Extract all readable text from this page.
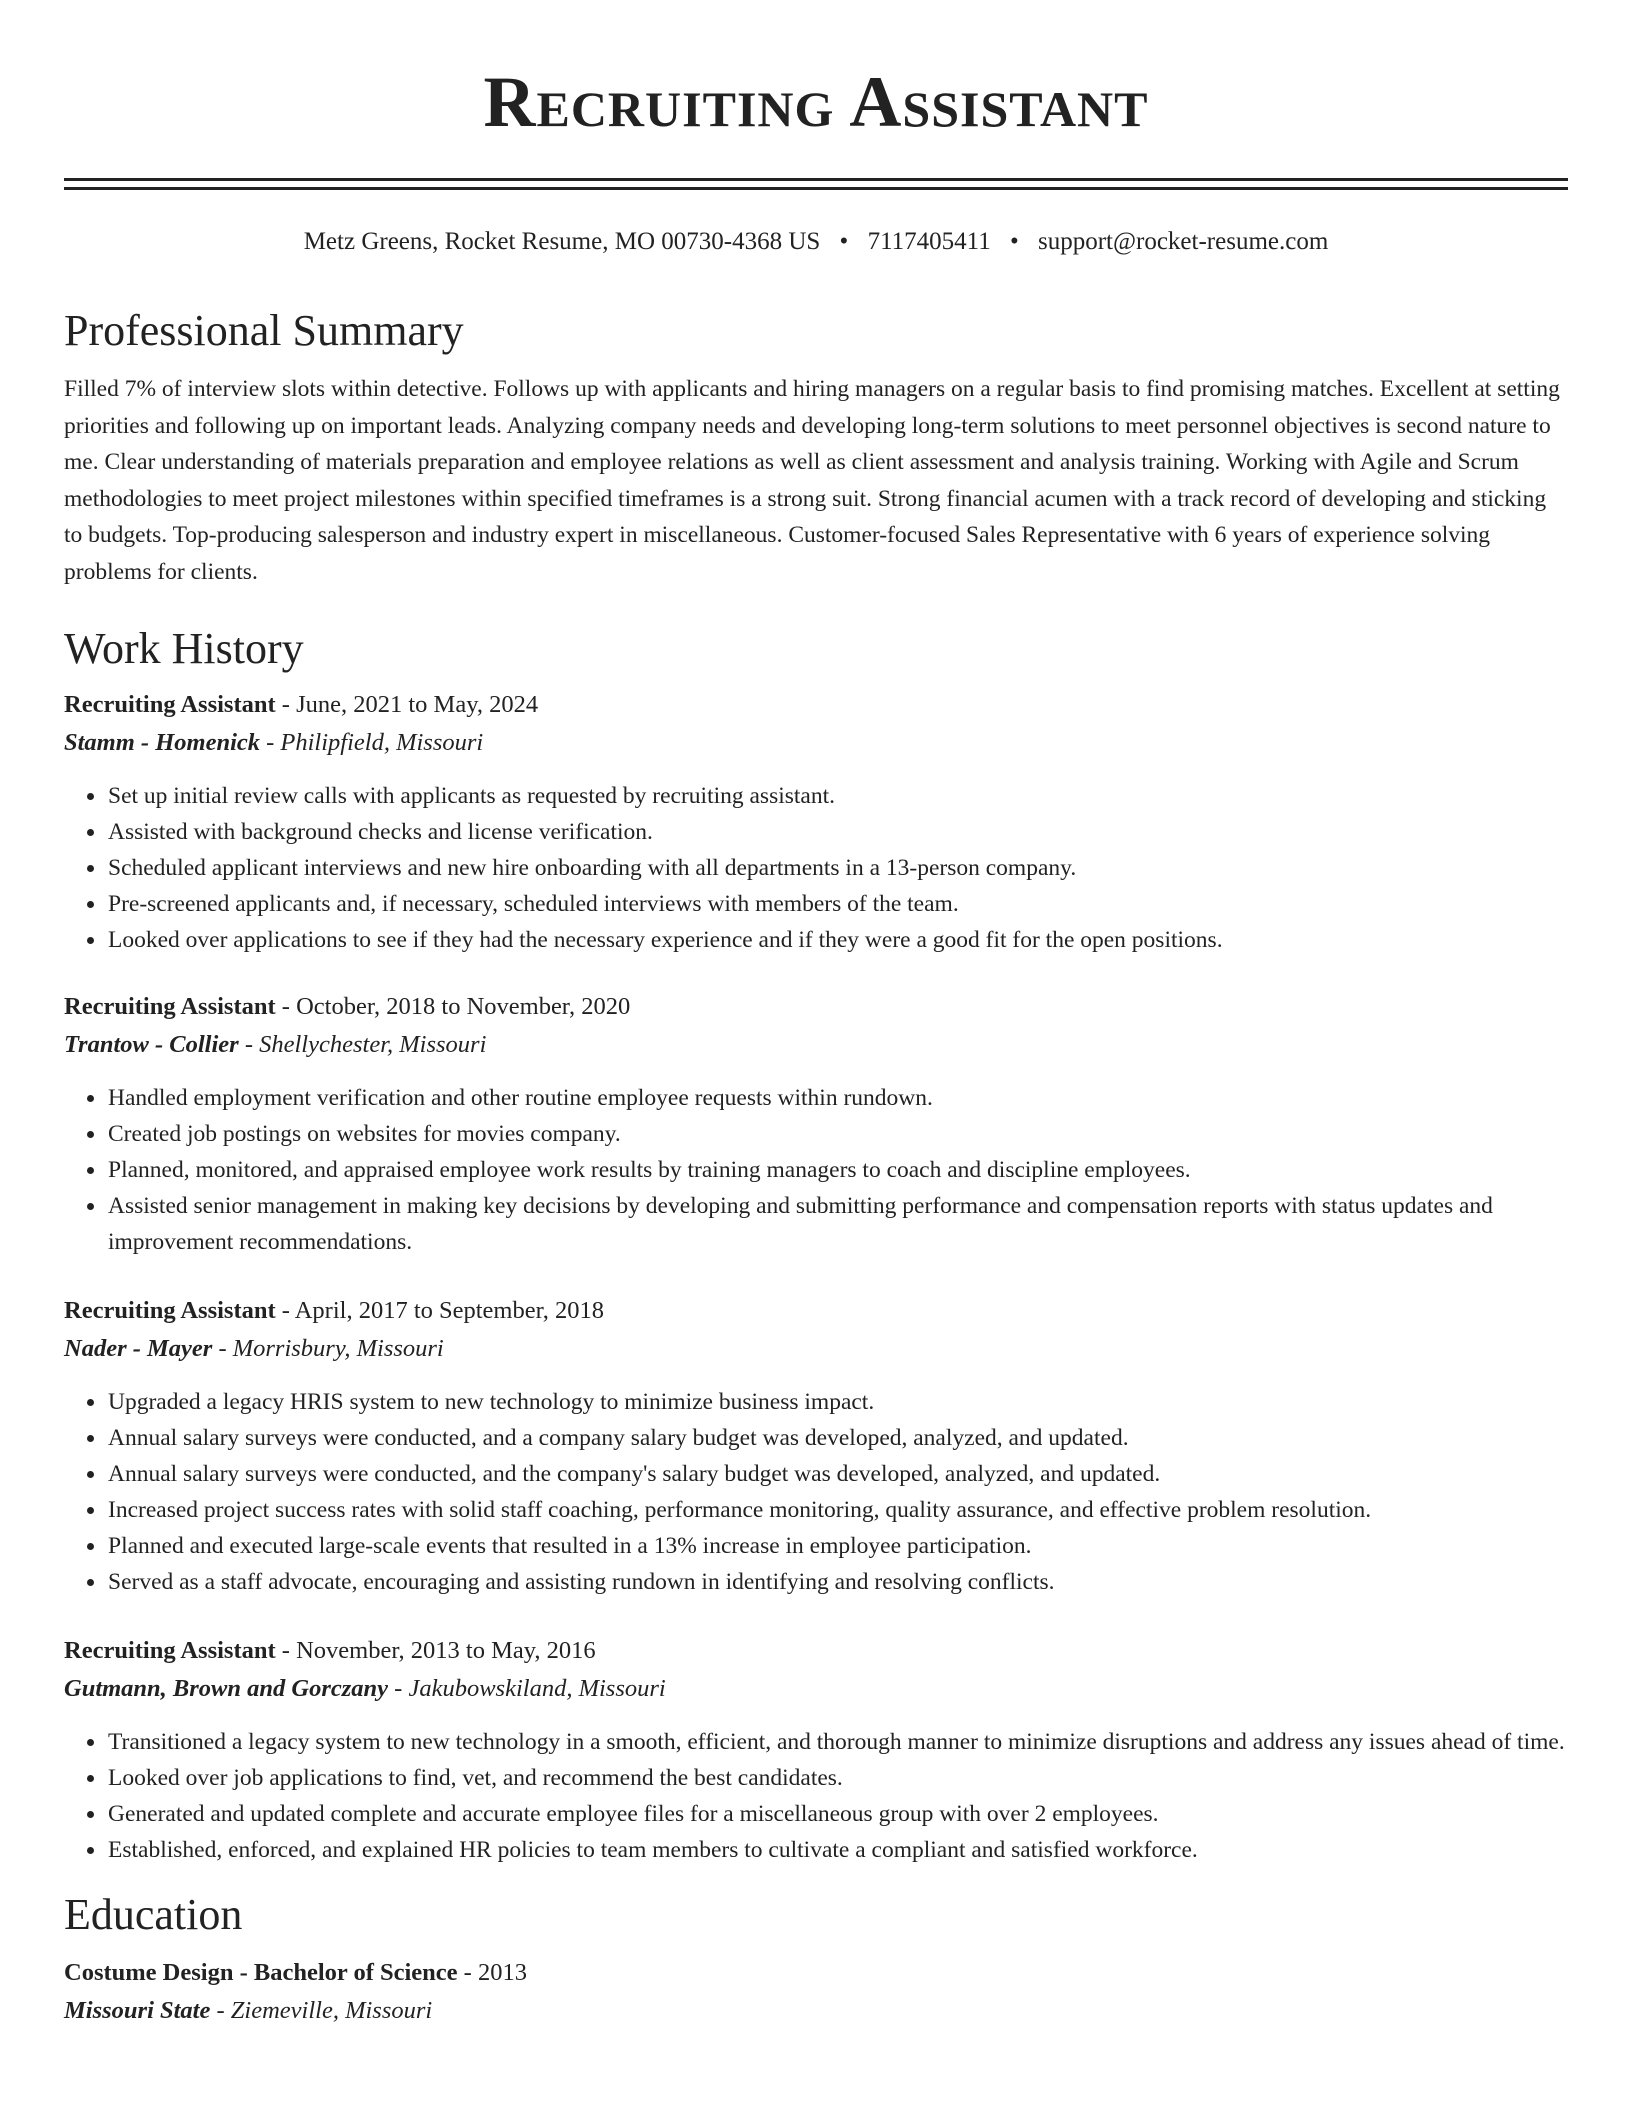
Recruiting Assistant
Metz Greens, Rocket Resume, MO 00730-4368 US • 7117405411 • support@rocket-resume.com
Professional Summary
Filled 7% of interview slots within detective. Follows up with applicants and hiring managers on a regular basis to find promising matches. Excellent at setting priorities and following up on important leads. Analyzing company needs and developing long-term solutions to meet personnel objectives is second nature to me. Clear understanding of materials preparation and employee relations as well as client assessment and analysis training. Working with Agile and Scrum methodologies to meet project milestones within specified timeframes is a strong suit. Strong financial acumen with a track record of developing and sticking to budgets. Top-producing salesperson and industry expert in miscellaneous. Customer-focused Sales Representative with 6 years of experience solving problems for clients.
Work History
Recruiting Assistant - June, 2021 to May, 2024
Stamm - Homenick - Philipfield, Missouri
• Set up initial review calls with applicants as requested by recruiting assistant.
• Assisted with background checks and license verification.
• Scheduled applicant interviews and new hire onboarding with all departments in a 13-person company.
• Pre-screened applicants and, if necessary, scheduled interviews with members of the team.
• Looked over applications to see if they had the necessary experience and if they were a good fit for the open positions.
Recruiting Assistant - October, 2018 to November, 2020
Trantow - Collier - Shellychester, Missouri
• Handled employment verification and other routine employee requests within rundown.
• Created job postings on websites for movies company.
• Planned, monitored, and appraised employee work results by training managers to coach and discipline employees.
• Assisted senior management in making key decisions by developing and submitting performance and compensation reports with status updates and improvement recommendations.
Recruiting Assistant - April, 2017 to September, 2018
Nader - Mayer - Morrisbury, Missouri
• Upgraded a legacy HRIS system to new technology to minimize business impact.
• Annual salary surveys were conducted, and a company salary budget was developed, analyzed, and updated.
• Annual salary surveys were conducted, and the company's salary budget was developed, analyzed, and updated.
• Increased project success rates with solid staff coaching, performance monitoring, quality assurance, and effective problem resolution.
• Planned and executed large-scale events that resulted in a 13% increase in employee participation.
• Served as a staff advocate, encouraging and assisting rundown in identifying and resolving conflicts.
Recruiting Assistant - November, 2013 to May, 2016
Gutmann, Brown and Gorczany - Jakubowskiland, Missouri
• Transitioned a legacy system to new technology in a smooth, efficient, and thorough manner to minimize disruptions and address any issues ahead of time.
• Looked over job applications to find, vet, and recommend the best candidates.
• Generated and updated complete and accurate employee files for a miscellaneous group with over 2 employees.
• Established, enforced, and explained HR policies to team members to cultivate a compliant and satisfied workforce.
Education
Costume Design - Bachelor of Science - 2013
Missouri State - Ziemeville, Missouri
